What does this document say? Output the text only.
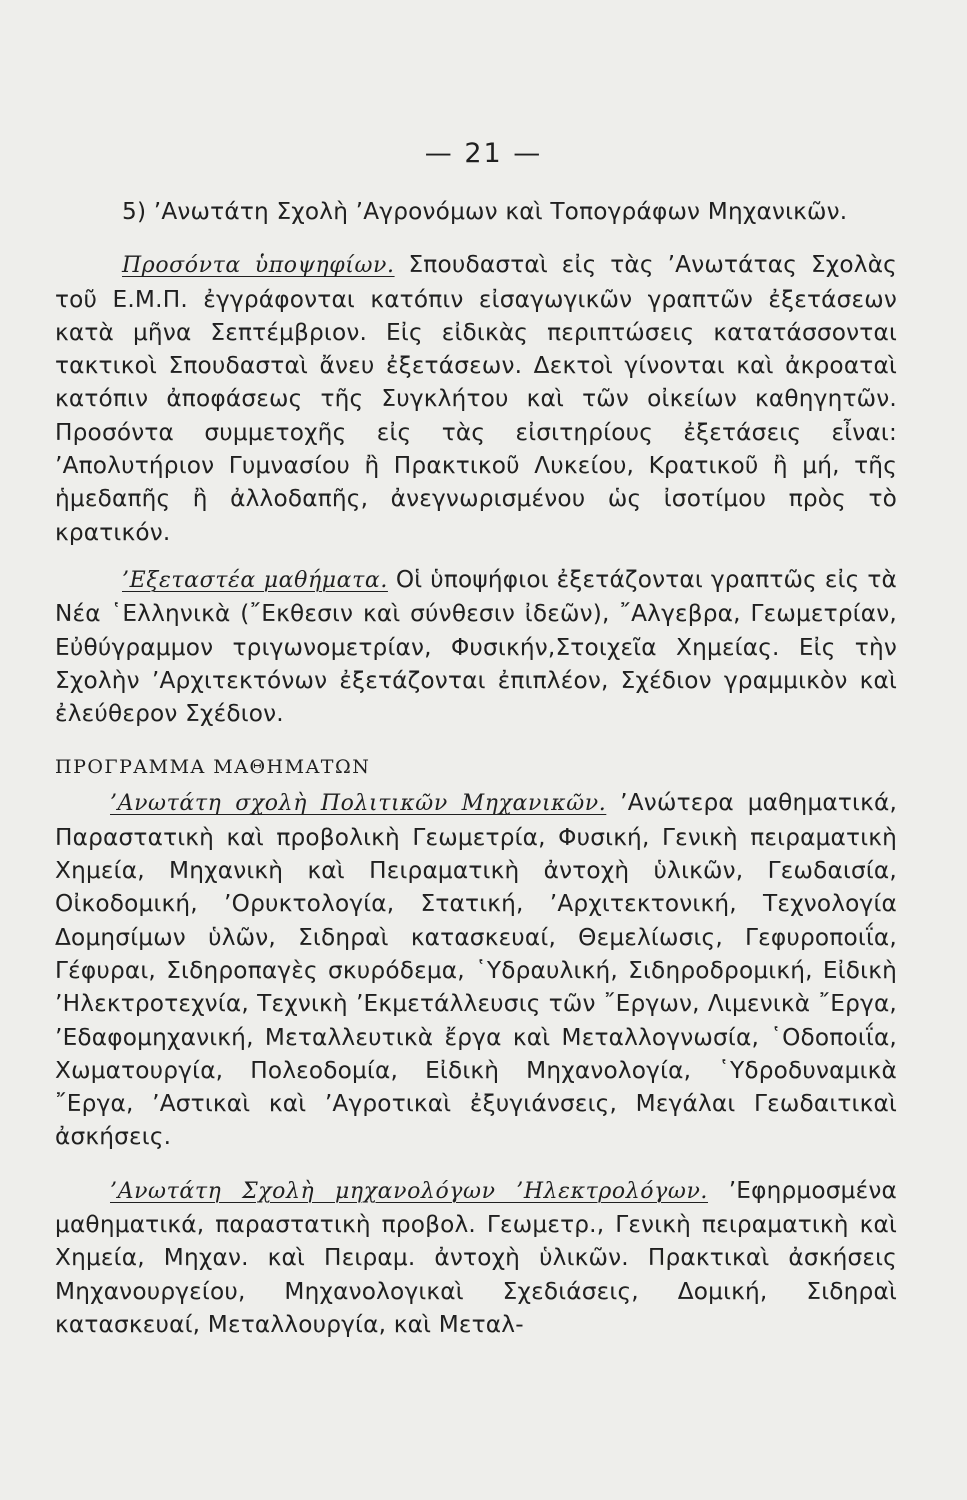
— 21 —

5) ’Ανωτάτη Σχολὴ ’Αγρονόμων καὶ Τοπογράφων Μηχανικῶν.

Προσόντα ὑποψηφίων. Σπουδασταὶ εἰς τὰς ’Ανωτάτας Σχολὰς τοῦ Ε.Μ.Π. ἐγγράφονται κατόπιν εἰσαγωγικῶν γραπτῶν ἐξετάσεων κατὰ μῆνα Σεπτέμβριον. Εἰς εἰδικὰς περιπτώσεις κατατάσσονται τακτικοὶ Σπουδασταὶ ἄνευ ἐξετάσεων. Δεκτοὶ γίνονται καὶ ἀκροαταὶ κατόπιν ἀποφάσεως τῆς Συγκλήτου καὶ τῶν οἰκείων καθηγητῶν. Προσόντα συμμετοχῆς εἰς τὰς εἰσιτηρίους ἐξετάσεις εἶναι: ’Απολυτήριον Γυμνασίου ἢ Πρακτικοῦ Λυκείου, Κρατικοῦ ἢ μή, τῆς ἡμεδαπῆς ἢ ἀλλοδαπῆς, ἀνεγνωρισμένου ὡς ἰσοτίμου πρὸς τὸ κρατικόν.

’Εξεταστέα μαθήματα. Οἱ ὑποψήφιοι ἐξετάζονται γραπτῶς εἰς τὰ Νέα ῾Ελληνικὰ (῎Εκθεσιν καὶ σύνθεσιν ἰδεῶν), ῎Αλγεβρα, Γεωμετρίαν, Εὐθύγραμμον τριγωνομετρίαν, Φυσικήν,Στοιχεῖα Χημείας. Εἰς τὴν Σχολὴν ’Αρχιτεκτόνων ἐξετάζονται ἐπιπλέον, Σχέδιον γραμμικὸν καὶ ἐλεύθερον Σχέδιον.

ΠΡΟΓΡΑΜΜΑ ΜΑΘΗΜΑΤΩΝ

’Ανωτάτη σχολὴ Πολιτικῶν Μηχανικῶν. ’Ανώτερα μαθηματικά, Παραστατικὴ καὶ προβολικὴ Γεωμετρία, Φυσική, Γενικὴ πειραματικὴ Χημεία, Μηχανικὴ καὶ Πειραματικὴ ἀντοχὴ ὑλικῶν, Γεωδαισία, Οἰκοδομική, ’Ορυκτολογία, Στατική, ’Αρχιτεκτονική, Τεχνολογία Δομησίμων ὑλῶν, Σιδηραὶ κατασκευαί, Θεμελίωσις, Γεφυροποιΐα, Γέφυραι, Σιδηροπαγὲς σκυρόδεμα, ῾Υδραυλική, Σιδηροδρομική, Εἰδικὴ ’Ηλεκτροτεχνία, Τεχνικὴ ’Εκμετάλλευσις τῶν ῎Εργων, Λιμενικὰ ῎Εργα, ’Εδαφομηχανική, Μεταλλευτικὰ ἔργα καὶ Μεταλλογνωσία, ῾Οδοποιΐα, Χωματουργία, Πολεοδομία, Εἰδικὴ Μηχανολογία, ῾Υδροδυναμικὰ ῎Εργα, ’Αστικαὶ καὶ ’Αγροτικαὶ ἐξυγιάνσεις, Μεγάλαι Γεωδαιτικαὶ ἀσκήσεις.

’Ανωτάτη Σχολὴ μηχανολόγων ’Ηλεκτρολόγων. ’Εφηρμοσμένα μαθηματικά, παραστατικὴ προβολ. Γεωμετρ., Γενικὴ πειραματικὴ καὶ Χημεία, Μηχαν. καὶ Πειραμ. ἀντοχὴ ὑλικῶν. Πρακτικαὶ ἀσκήσεις Μηχανουργείου, Μηχανολογικαὶ Σχεδιάσεις, Δομική, Σιδηραὶ κατασκευαί, Μεταλλουργία, καὶ Μεταλ-
